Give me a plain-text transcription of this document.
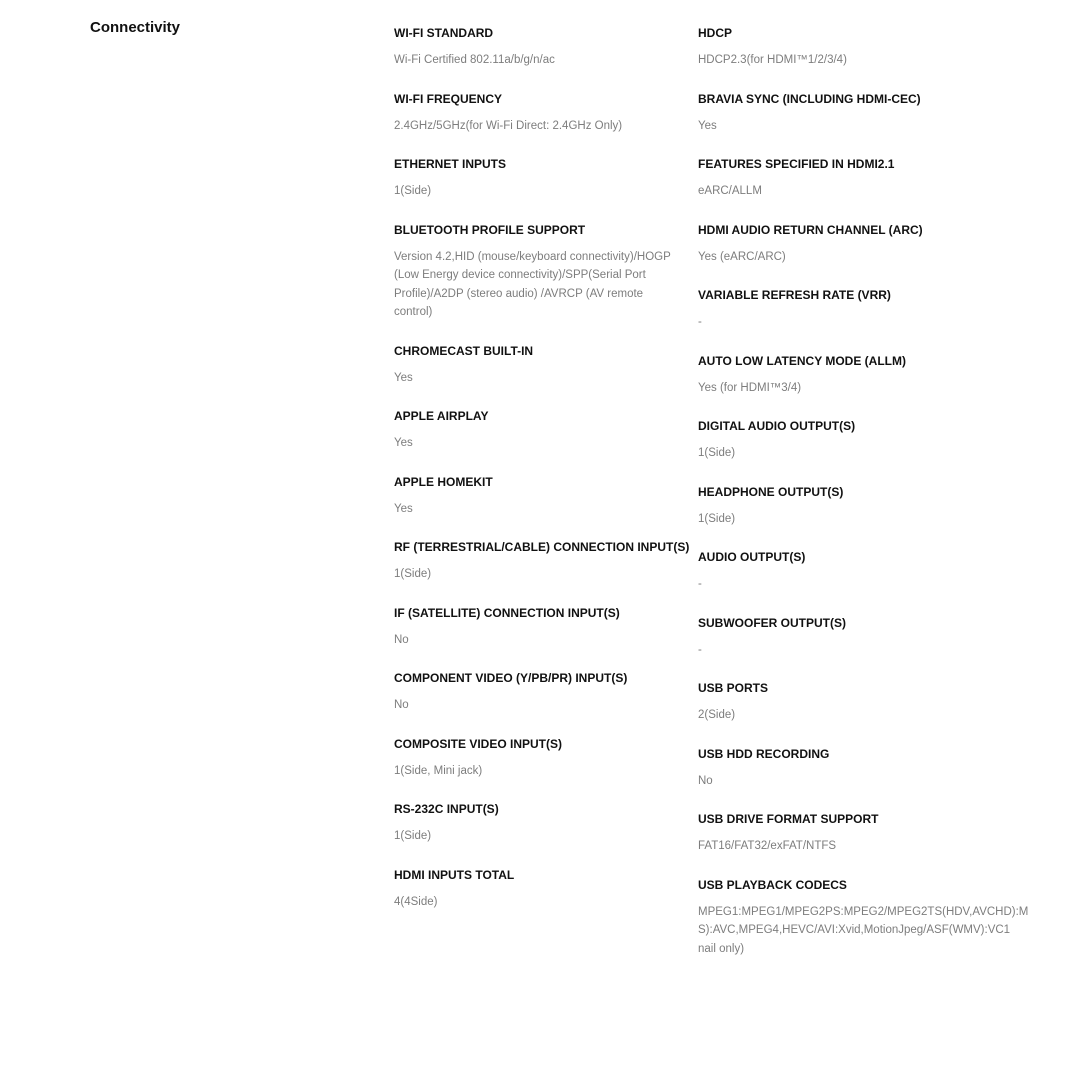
Connectivity	WI-FI STANDARD
Wi-Fi Certified 802.11a/b/g/n/ac
WI-FI FREQUENCY
2.4GHz/5GHz(for Wi-Fi Direct: 2.4GHz Only)
ETHERNET INPUTS
1(Side)
BLUETOOTH PROFILE SUPPORT
Version 4.2,HID (mouse/keyboard connectivity)/HOGP
(Low Energy device connectivity)/SPP(Serial Port
Profile)/A2DP (stereo audio) /AVRCP (AV remote
control)
CHROMECAST BUILT-IN
Yes
APPLE AIRPLAY
Yes
APPLE HOMEKIT
Yes
RF (TERRESTRIAL/CABLE) CONNECTION INPUT(S)
1(Side)
IF (SATELLITE) CONNECTION INPUT(S)
No
COMPONENT VIDEO (Y/PB/PR) INPUT(S)
No
COMPOSITE VIDEO INPUT(S)
1(Side, Mini jack)
RS-232C INPUT(S)
1(Side)
HDMI INPUTS TOTAL
4(4Side)
HDCP
HDCP2.3(for HDMI™1/2/3/4)
BRAVIA SYNC (INCLUDING HDMI-CEC)
Yes
FEATURES SPECIFIED IN HDMI2.1
eARC/ALLM
HDMI AUDIO RETURN CHANNEL (ARC)
Yes (eARC/ARC)
VARIABLE REFRESH RATE (VRR)
-
AUTO LOW LATENCY MODE (ALLM)
Yes (for HDMI™3/4)
DIGITAL AUDIO OUTPUT(S)
1(Side)
HEADPHONE OUTPUT(S)
1(Side)
AUDIO OUTPUT(S)
-
SUBWOOFER OUTPUT(S)
-
USB PORTS
2(Side)
USB HDD RECORDING
No
USB DRIVE FORMAT SUPPORT
FAT16/FAT32/exFAT/NTFS
USB PLAYBACK CODECS
MPEG1:MPEG1/MPEG2PS:MPEG2/MPEG2TS(HDV,AVCHD):M
S):AVC,MPEG4,HEVC/AVI:Xvid,MotionJpeg/ASF(WMV):VC1
nail only)
